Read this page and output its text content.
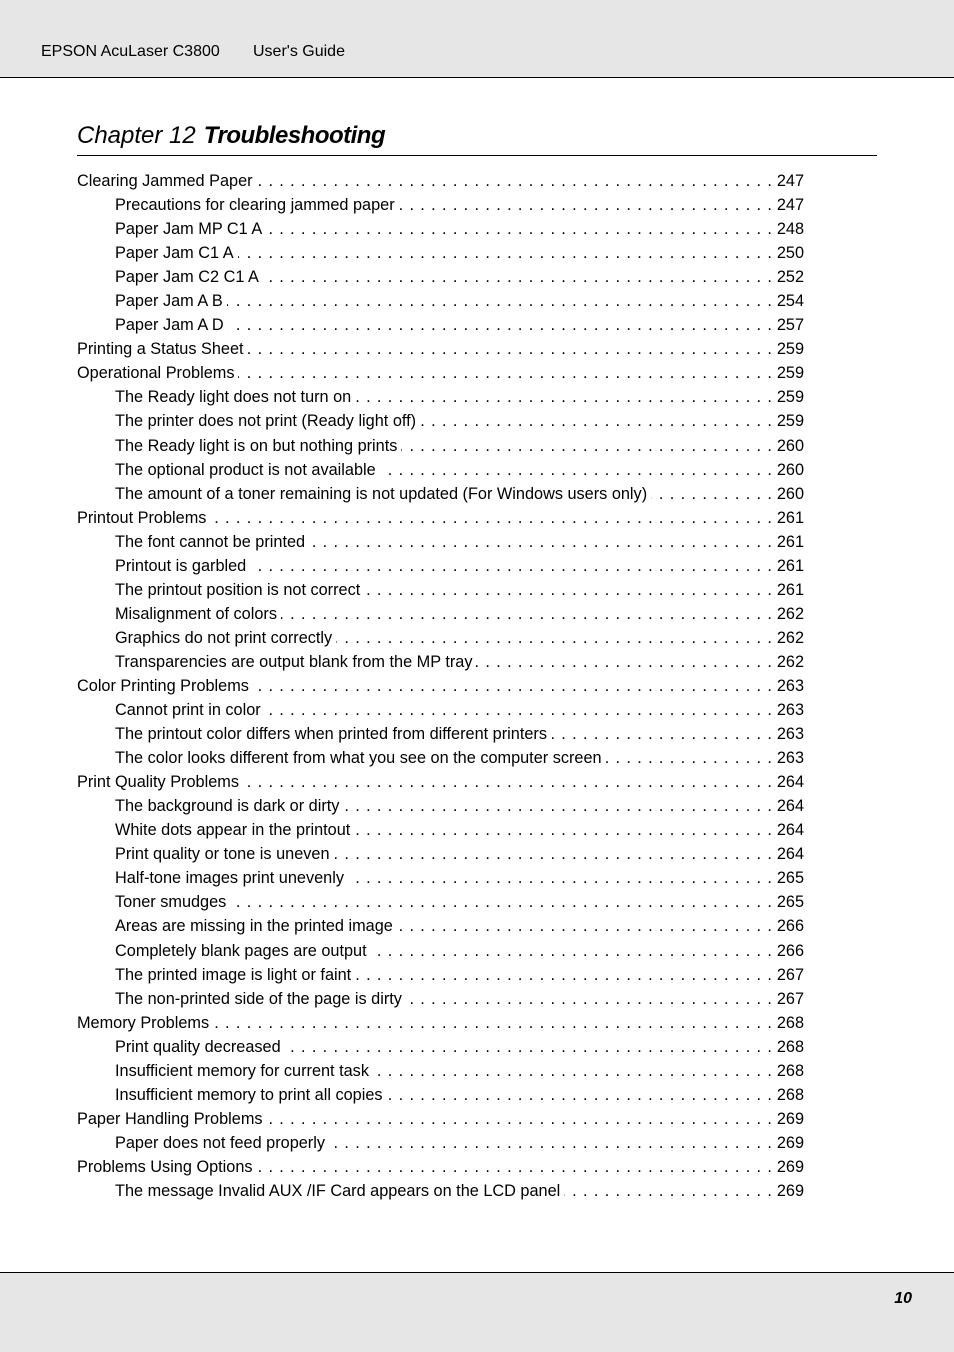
EPSON AcuLaser C3800 User's Guide
Chapter 12 Troubleshooting
Clearing Jammed Paper . . .	247
Precautions for clearing jammed paper . . .	247
Paper Jam MP C1 A . . .	248
Paper Jam C1 A . . .	250
Paper Jam C2 C1 A . . .	252
Paper Jam A B . . .	254
Paper Jam A D . . .	257
Printing a Status Sheet . . .	259
Operational Problems . . .	259
The Ready light does not turn on . . .	259
The printer does not print (Ready light off) . . .	259
The Ready light is on but nothing prints . . .	260
The optional product is not available . . .	260
The amount of a toner remaining is not updated (For Windows users only) . . .	260
Printout Problems . . .	261
The font cannot be printed . . .	261
Printout is garbled . . .	261
The printout position is not correct . . .	261
Misalignment of colors . . .	262
Graphics do not print correctly . . .	262
Transparencies are output blank from the MP tray . . .	262
Color Printing Problems . . .	263
Cannot print in color . . .	263
The printout color differs when printed from different printers . . .	263
The color looks different from what you see on the computer screen . . .	263
Print Quality Problems . . .	264
The background is dark or dirty . . .	264
White dots appear in the printout . . .	264
Print quality or tone is uneven . . .	264
Half-tone images print unevenly . . .	265
Toner smudges . . .	265
Areas are missing in the printed image . . .	266
Completely blank pages are output . . .	266
The printed image is light or faint . . .	267
The non-printed side of the page is dirty . . .	267
Memory Problems . . .	268
Print quality decreased . . .	268
Insufficient memory for current task . . .	268
Insufficient memory to print all copies . . .	268
Paper Handling Problems . . .	269
Paper does not feed properly . . .	269
Problems Using Options . . .	269
The message Invalid AUX /IF Card appears on the LCD panel . . .	269
10
